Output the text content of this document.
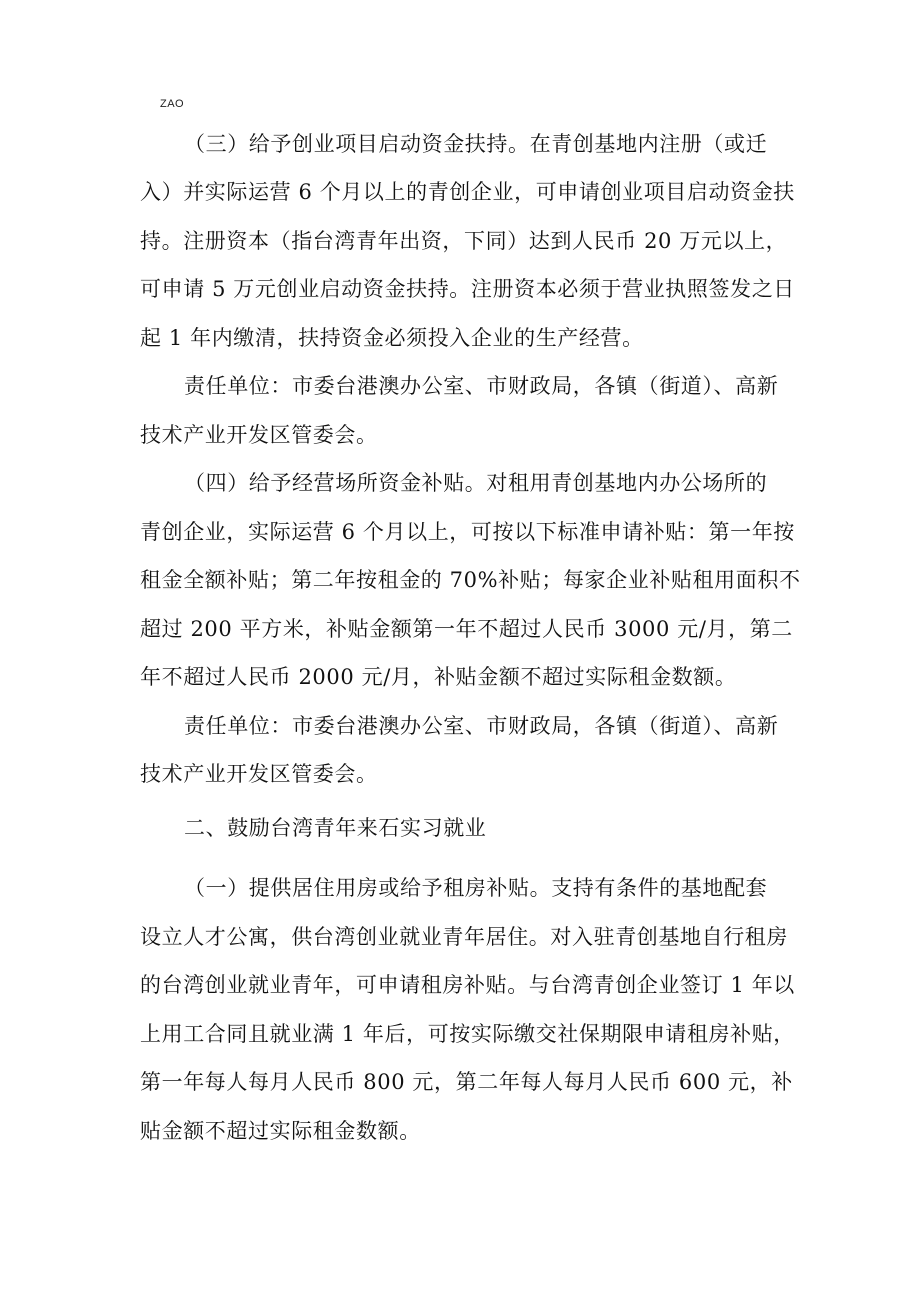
ZAO
（三）给予创业项目启动资金扶持。在青创基地内注册（或迁
入）并实际运营 6 个月以上的青创企业，可申请创业项目启动资金扶
持。注册资本（指台湾青年出资，下同）达到人民币 20 万元以上，
可申请 5 万元创业启动资金扶持。注册资本必须于营业执照签发之日
起 1 年内缴清，扶持资金必须投入企业的生产经营。
责任单位：市委台港澳办公室、市财政局，各镇（街道）、高新
技术产业开发区管委会。
（四）给予经营场所资金补贴。对租用青创基地内办公场所的
青创企业，实际运营 6 个月以上，可按以下标准申请补贴：第一年按
租金全额补贴；第二年按租金的 70%补贴；每家企业补贴租用面积不
超过 200 平方米，补贴金额第一年不超过人民币 3000 元/月，第二
年不超过人民币 2000 元/月，补贴金额不超过实际租金数额。
责任单位：市委台港澳办公室、市财政局，各镇（街道）、高新
技术产业开发区管委会。
二、鼓励台湾青年来石实习就业
（一）提供居住用房或给予租房补贴。支持有条件的基地配套
设立人才公寓，供台湾创业就业青年居住。对入驻青创基地自行租房
的台湾创业就业青年，可申请租房补贴。与台湾青创企业签订 1 年以
上用工合同且就业满 1 年后，可按实际缴交社保期限申请租房补贴，
第一年每人每月人民币 800 元，第二年每人每月人民币 600 元，补
贴金额不超过实际租金数额。
